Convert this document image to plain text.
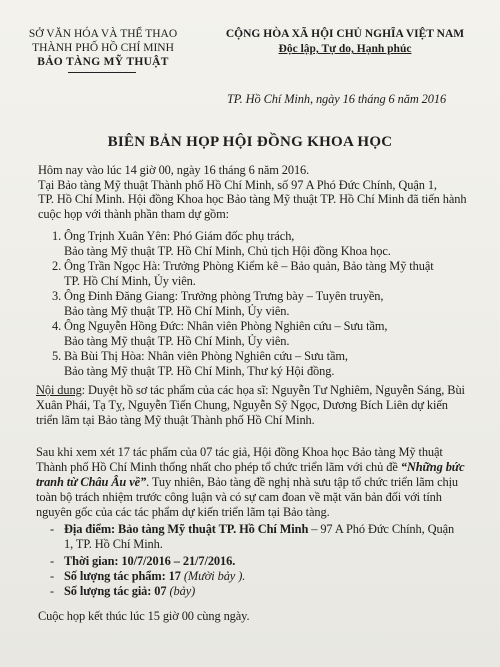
SỞ VĂN HÓA VÀ THỂ THAO
THÀNH PHỐ HỒ CHÍ MINH
BẢO TÀNG MỸ THUẬT
CỘNG HÒA XÃ HỘI CHỦ NGHĨA VIỆT NAM
Độc lập, Tự do, Hạnh phúc
TP. Hồ Chí Minh, ngày 16 tháng 6 năm 2016
BIÊN BẢN HỌP HỘI ĐỒNG KHOA HỌC
Hôm nay vào lúc 14 giờ 00, ngày 16 tháng 6 năm 2016.
Tại Bảo tàng Mỹ thuật Thành phố Hồ Chí Minh, số 97 A Phó Đức Chính, Quận 1,
TP. Hồ Chí Minh. Hội đồng Khoa học Bảo tàng Mỹ thuật TP. Hồ Chí Minh đã tiến hành
cuộc họp với thành phần tham dự gồm:
1. Ông Trịnh Xuân Yên: Phó Giám đốc phụ trách,
Bảo tàng Mỹ thuật TP. Hồ Chí Minh, Chủ tịch Hội đồng Khoa học.
2. Ông Trần Ngọc Hà: Trưởng Phòng Kiểm kê – Bảo quản, Bảo tàng Mỹ thuật
TP. Hồ Chí Minh, Ủy viên.
3. Ông Đinh Đăng Giang: Trưởng phòng Trưng bày – Tuyên truyền,
Bảo tàng Mỹ thuật TP. Hồ Chí Minh, Ủy viên.
4. Ông Nguyễn Hồng Đức: Nhân viên Phòng Nghiên cứu – Sưu tầm,
Bảo tàng Mỹ thuật TP. Hồ Chí Minh, Ủy viên.
5. Bà Bùi Thị Hòa: Nhân viên Phòng Nghiên cứu – Sưu tầm,
Bảo tàng Mỹ thuật TP. Hồ Chí Minh, Thư ký Hội đồng.
Nội dung: Duyệt hồ sơ tác phẩm của các họa sĩ: Nguyễn Tư Nghiêm, Nguyễn Sáng, Bùi
Xuân Phái, Tạ Tỵ, Nguyễn Tiến Chung, Nguyễn Sỹ Ngọc, Dương Bích Liên dự kiến
triển lãm tại Bảo tàng Mỹ thuật Thành phố Hồ Chí Minh.
Sau khi xem xét 17 tác phẩm của 07 tác giả, Hội đồng Khoa học Bảo tàng Mỹ thuật
Thành phố Hồ Chí Minh thống nhất cho phép tổ chức triển lãm với chủ đề “Những bức
tranh từ Châu Âu về”. Tuy nhiên, Bảo tàng đề nghị nhà sưu tập tổ chức triển lãm chịu
toàn bộ trách nhiệm trước công luận và có sự cam đoan về mặt văn bản đối với tính
nguyên gốc của các tác phẩm dự kiến triển lãm tại Bảo tàng.
- Địa điểm: Bảo tàng Mỹ thuật TP. Hồ Chí Minh – 97 A Phó Đức Chính, Quận
1, TP. Hồ Chí Minh.
- Thời gian: 10/7/2016 – 21/7/2016.
- Số lượng tác phẩm: 17 (Mười bảy ).
- Số lượng tác giả: 07 (bảy)
Cuộc họp kết thúc lúc 15 giờ 00 cùng ngày.
